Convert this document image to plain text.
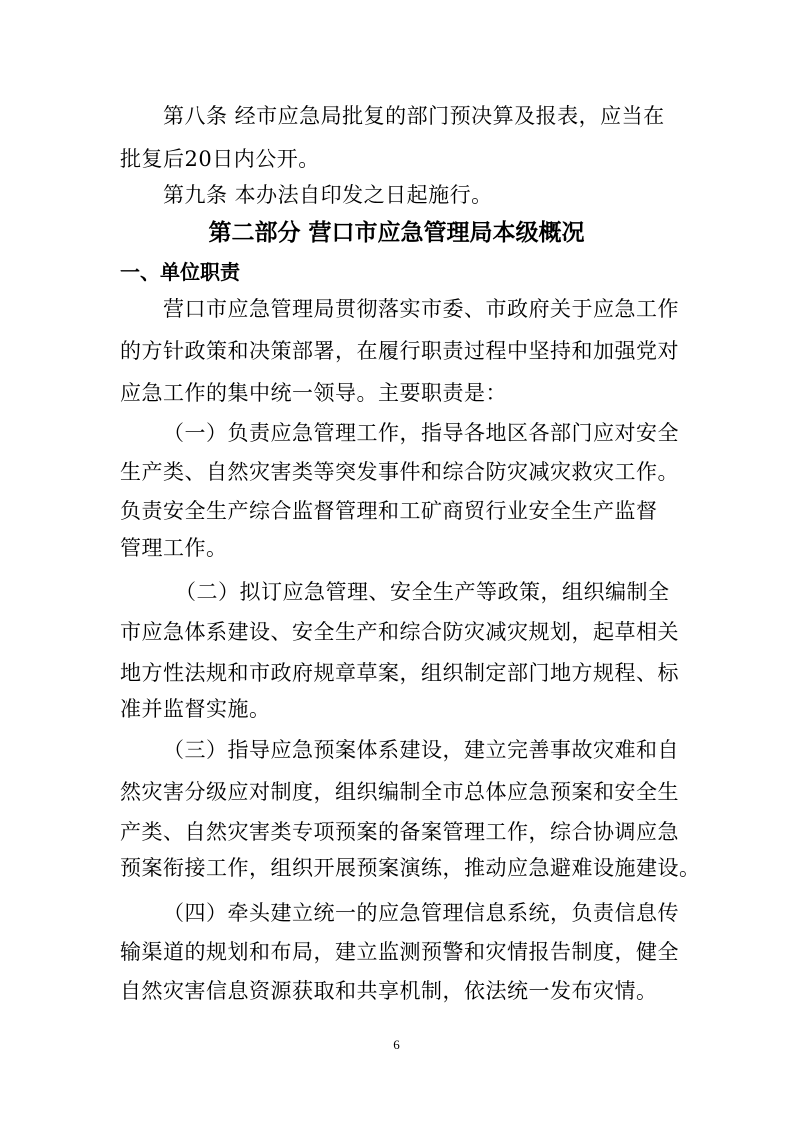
第八条 经市应急局批复的部门预决算及报表，应当在
批复后20日内公开。
第九条 本办法自印发之日起施行。
第二部分 营口市应急管理局本级概况
一、单位职责
营口市应急管理局贯彻落实市委、市政府关于应急工作
的方针政策和决策部署，在履行职责过程中坚持和加强党对
应急工作的集中统一领导。主要职责是：
（一）负责应急管理工作，指导各地区各部门应对安全
生产类、自然灾害类等突发事件和综合防灾减灾救灾工作。
负责安全生产综合监督管理和工矿商贸行业安全生产监督
管理工作。
（二）拟订应急管理、安全生产等政策，组织编制全
市应急体系建设、安全生产和综合防灾减灾规划，起草相关
地方性法规和市政府规章草案，组织制定部门地方规程、标
准并监督实施。
（三）指导应急预案体系建设，建立完善事故灾难和自
然灾害分级应对制度，组织编制全市总体应急预案和安全生
产类、自然灾害类专项预案的备案管理工作，综合协调应急
预案衔接工作，组织开展预案演练，推动应急避难设施建设。
（四）牵头建立统一的应急管理信息系统，负责信息传
输渠道的规划和布局，建立监测预警和灾情报告制度，健全
自然灾害信息资源获取和共享机制，依法统一发布灾情。
6
